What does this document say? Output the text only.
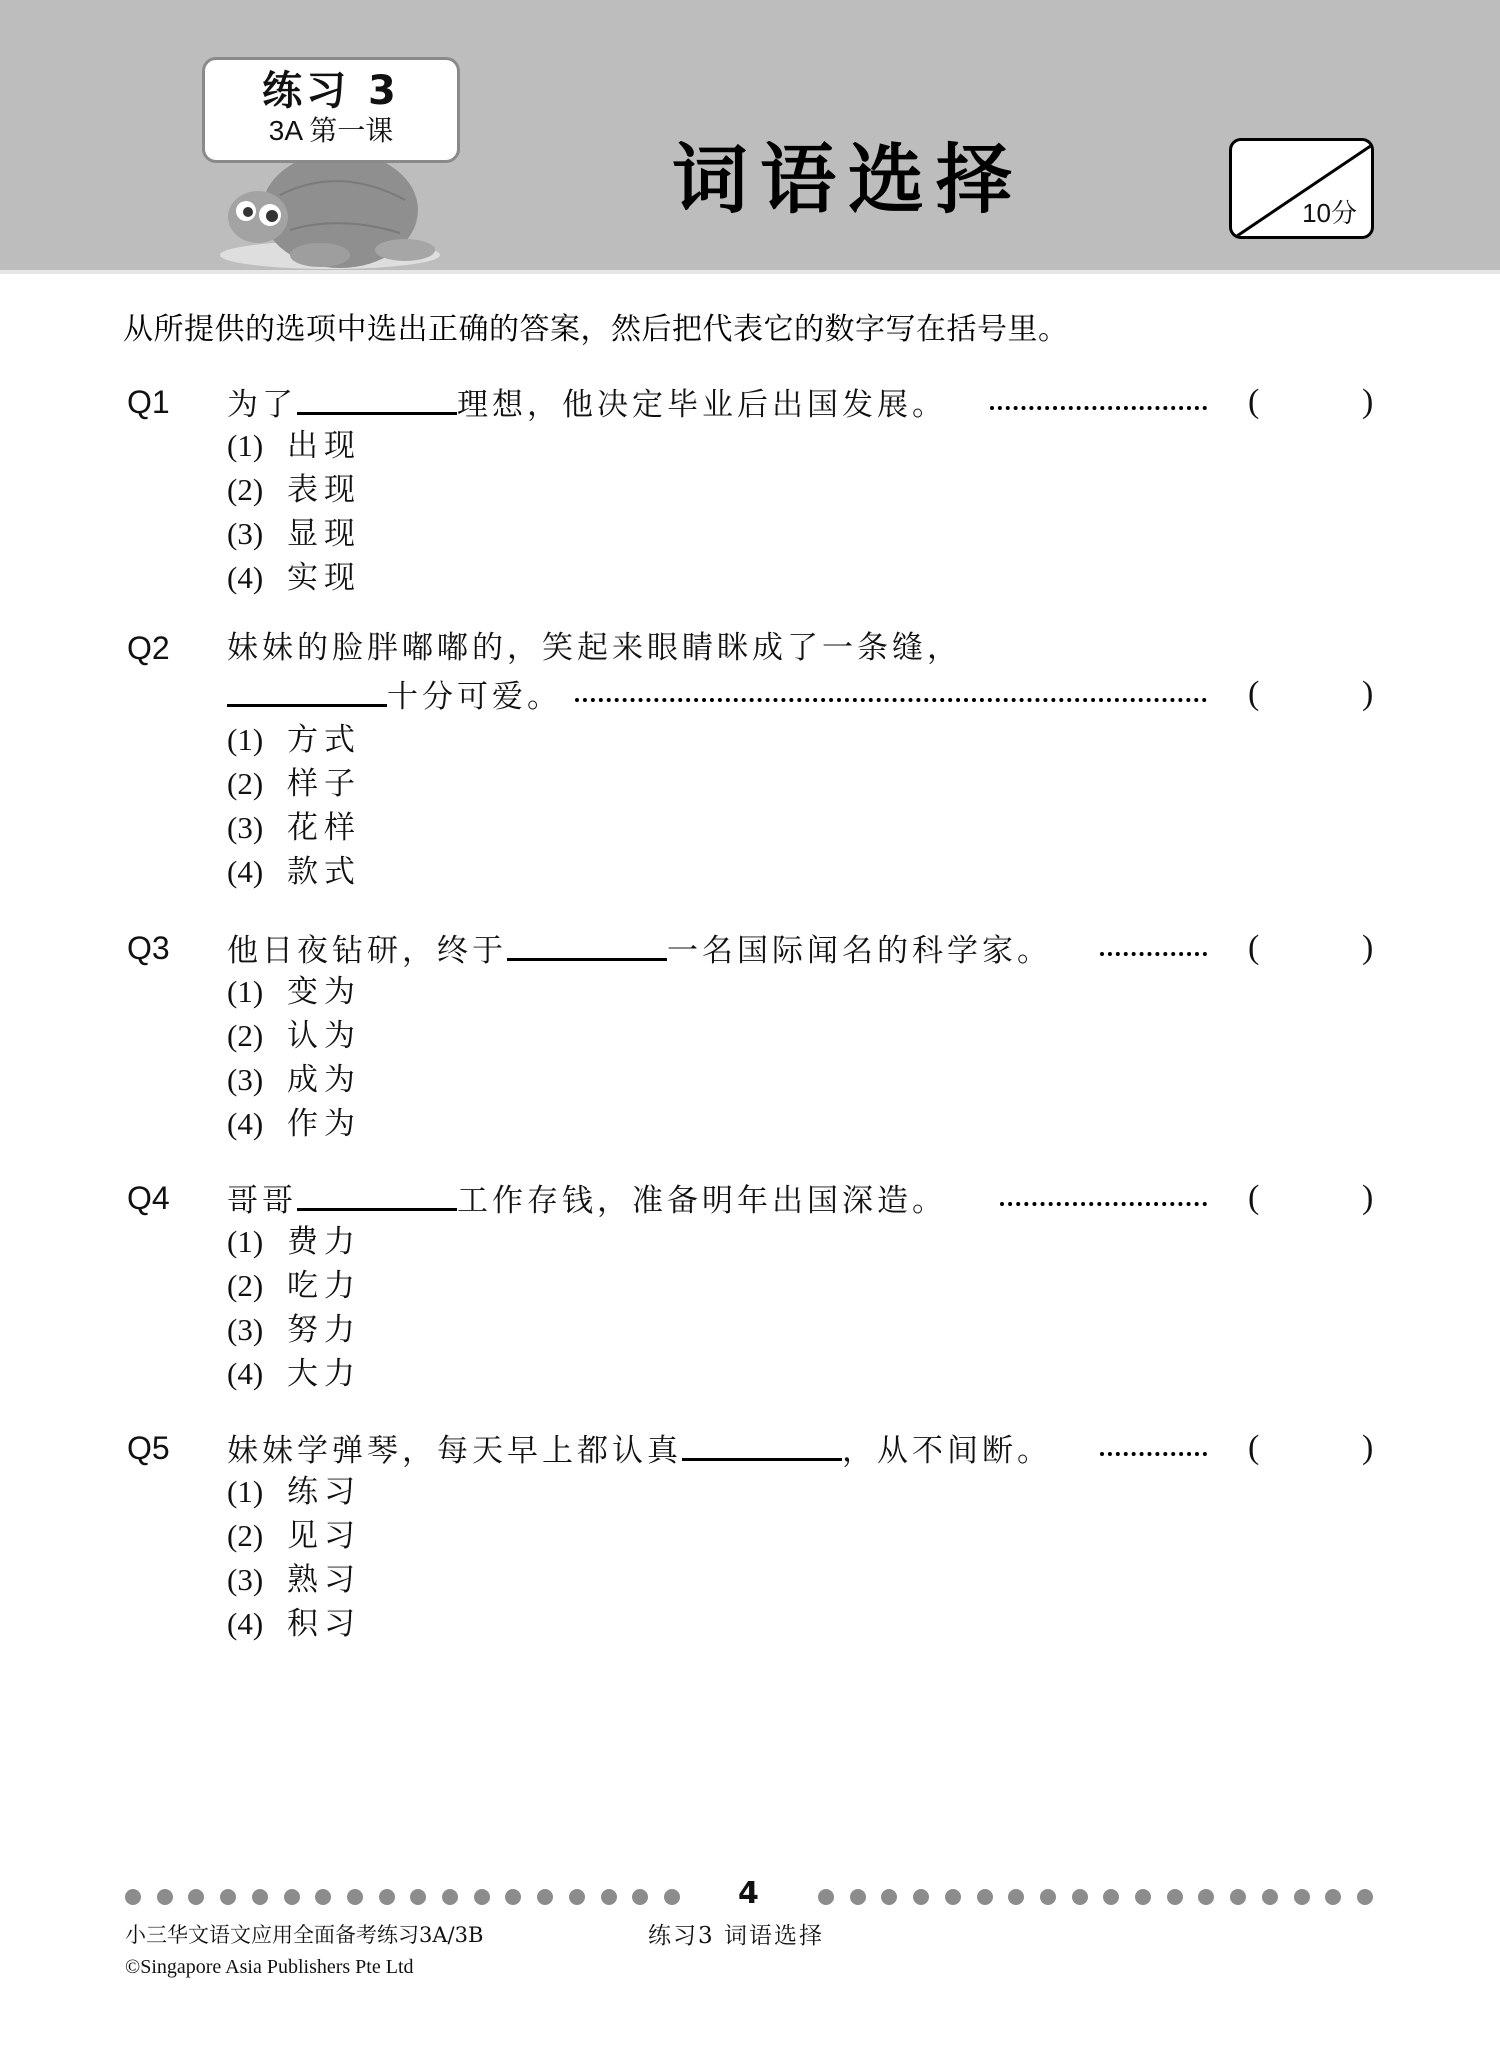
练习 3
3A 第一课
词语选择	10分
从所提供的选项中选出正确的答案，然后把代表它的数字写在括号里。
Q1 为了	理想，他决定毕业后出国发展。	(	)
(1) 出现
(2) 表现
(3) 显现
(4) 实现
Q2 妹妹的脸胖嘟嘟的，笑起来眼睛眯成了一条缝，
十分可爱。	(	)
(1) 方式
(2) 样子
(3) 花样
(4) 款式
Q3 他日夜钻研，终于	一名国际闻名的科学家。	(	)
(1) 变为
(2) 认为
(3) 成为
(4) 作为
Q4 哥哥	工作存钱，准备明年出国深造。	(	)
(1) 费力
(2) 吃力
(3) 努力
(4) 大力
Q5 妹妹学弹琴，每天早上都认真	，从不间断。	(	)
(1) 练习
(2) 见习
(3) 熟习
(4) 积习
4
小三华文语文应用全面备考练习3A/3B
©Singapore Asia Publishers Pte Ltd
练习3 词语选择
